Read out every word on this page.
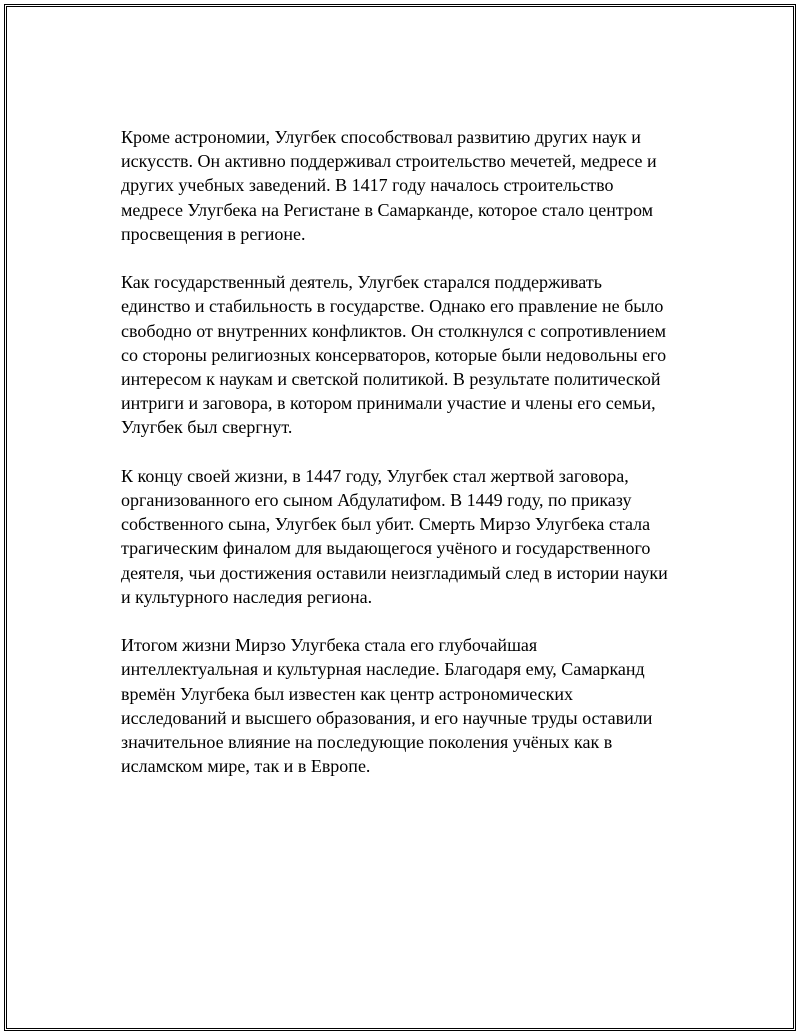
Кроме астрономии, Улугбек способствовал развитию других наук и
искусств. Он активно поддерживал строительство мечетей, медресе и
других учебных заведений. В 1417 году началось строительство
медресе Улугбека на Регистане в Самарканде, которое стало центром
просвещения в регионе.

Как государственный деятель, Улугбек старался поддерживать
единство и стабильность в государстве. Однако его правление не было
свободно от внутренних конфликтов. Он столкнулся с сопротивлением
со стороны религиозных консерваторов, которые были недовольны его
интересом к наукам и светской политикой. В результате политической
интриги и заговора, в котором принимали участие и члены его семьи,
Улугбек был свергнут.

К концу своей жизни, в 1447 году, Улугбек стал жертвой заговора,
организованного его сыном Абдулатифом. В 1449 году, по приказу
собственного сына, Улугбек был убит. Смерть Мирзо Улугбека стала
трагическим финалом для выдающегося учёного и государственного
деятеля, чьи достижения оставили неизгладимый след в истории науки
и культурного наследия региона.

Итогом жизни Мирзо Улугбека стала его глубочайшая
интеллектуальная и культурная наследие. Благодаря ему, Самарканд
времён Улугбека был известен как центр астрономических
исследований и высшего образования, и его научные труды оставили
значительное влияние на последующие поколения учёных как в
исламском мире, так и в Европе.
